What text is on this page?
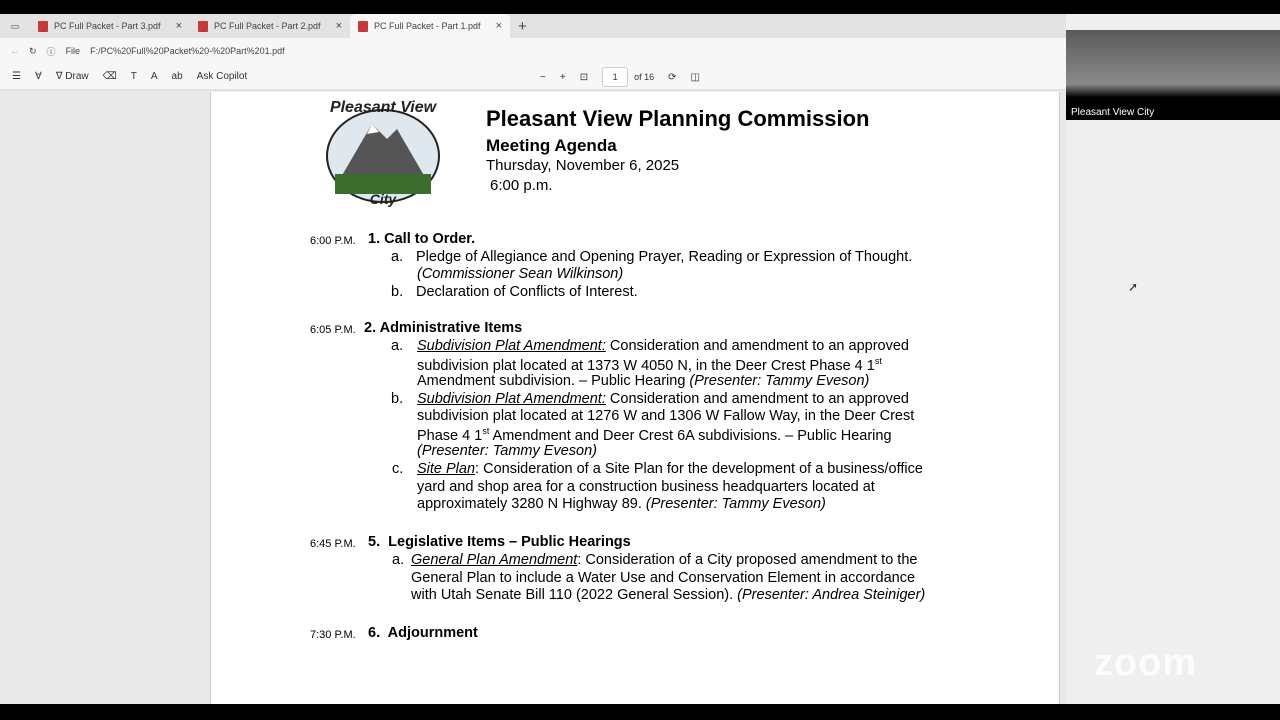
▭	PC Full Packet - Part 3.pdf ×	PC Full Packet - Part 2.pdf ×	PC Full Packet - Part 1.pdf × +
← ↻ ⓘ File F:/PC%20Full%20Packet%20-%20Part%201.pdf
☰ ∀ ∇ Draw ⌫ T A ab Ask Copilot	− + ⊡	1	of 16 ⟳ ◫
Pleasant View
City
Pleasant View Planning Commission
Meeting Agenda
Thursday, November 6, 2025
6:00 p.m.
6:00 P.M. 1. Call to Order.
a. Pledge of Allegiance and Opening Prayer, Reading or Expression of Thought.
(Commissioner Sean Wilkinson)
b. Declaration of Conflicts of Interest.
6:05 P.M. 2. Administrative Items
a. Subdivision Plat Amendment: Consideration and amendment to an approved
subdivision plat located at 1373 W 4050 N, in the Deer Crest Phase 4 1st
Amendment subdivision. – Public Hearing (Presenter: Tammy Eveson)
b. Subdivision Plat Amendment: Consideration and amendment to an approved
subdivision plat located at 1276 W and 1306 W Fallow Way, in the Deer Crest
Phase 4 1st Amendment and Deer Crest 6A subdivisions. – Public Hearing
(Presenter: Tammy Eveson)
c. Site Plan: Consideration of a Site Plan for the development of a business/office
yard and shop area for a construction business headquarters located at
approximately 3280 N Highway 89. (Presenter: Tammy Eveson)
6:45 P.M. 5. Legislative Items – Public Hearings
a. General Plan Amendment: Consideration of a City proposed amendment to the
General Plan to include a Water Use and Conservation Element in accordance
with Utah Senate Bill 110 (2022 General Session). (Presenter: Andrea Steiniger)
7:30 P.M. 6. Adjournment
Pleasant View City
zoom
➚
